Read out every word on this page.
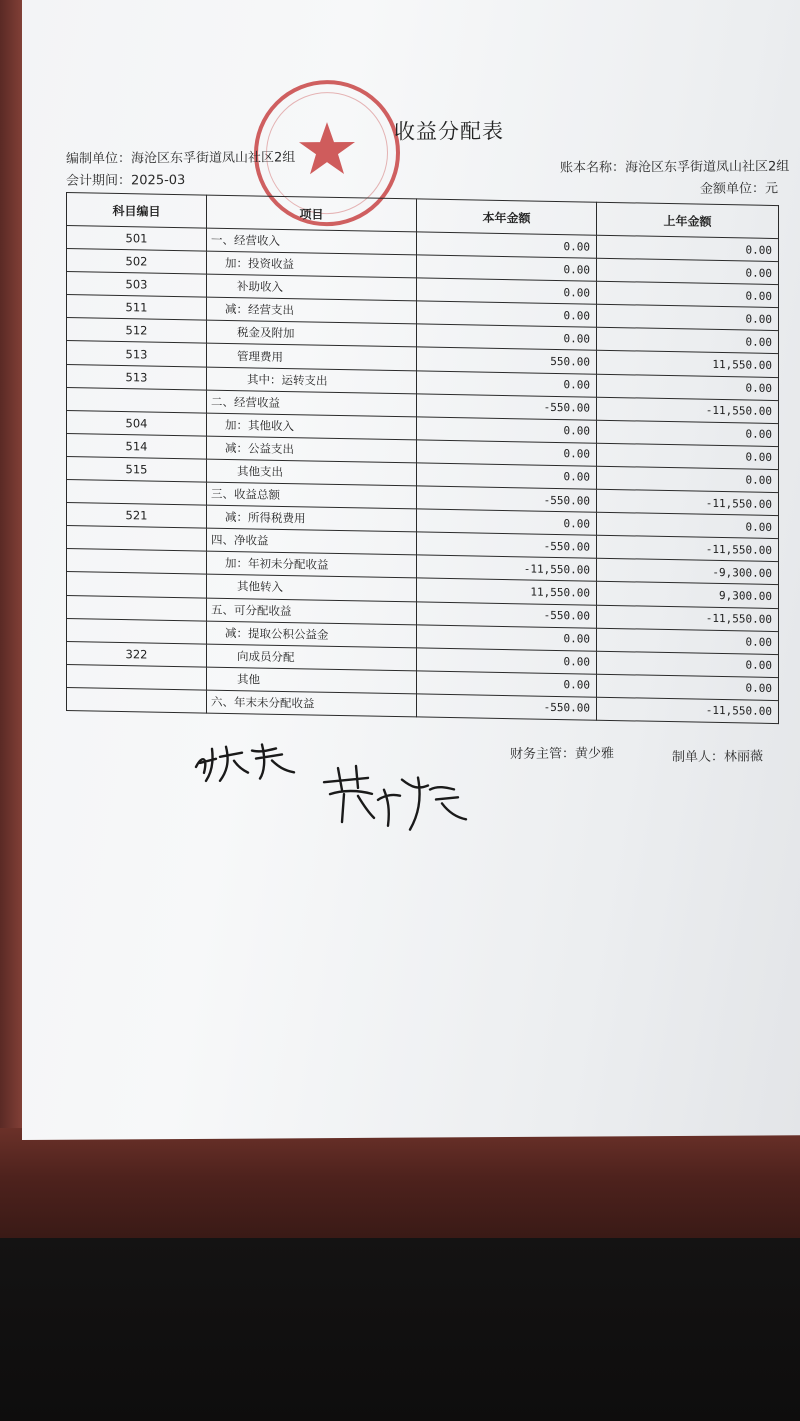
收益分配表
编制单位：海沧区东孚街道凤山社区2组
会计期间：2025-03
账本名称：海沧区东孚街道凤山社区2组
金额单位：元
财务主管：黄少雅	制单人：林丽薇
科目编目	项目	本年金额	上年金额
501	一、经营收入	0.00	0.00
502	加：投资收益	0.00	0.00
503	补助收入	0.00	0.00
511	减：经营支出	0.00	0.00
512	税金及附加	0.00	0.00
513	管理费用	550.00	11,550.00
513	其中：运转支出	0.00	0.00
	二、经营收益	-550.00	-11,550.00
504	加：其他收入	0.00	0.00
514	减：公益支出	0.00	0.00
515	其他支出	0.00	0.00
	三、收益总额	-550.00	-11,550.00
521	减：所得税费用	0.00	0.00
	四、净收益	-550.00	-11,550.00
	加：年初未分配收益	-11,550.00	-9,300.00
	其他转入	11,550.00	9,300.00
	五、可分配收益	-550.00	-11,550.00
	减：提取公积公益金	0.00	0.00
322	向成员分配	0.00	0.00
	其他	0.00	0.00
	六、年末未分配收益	-550.00	-11,550.00
